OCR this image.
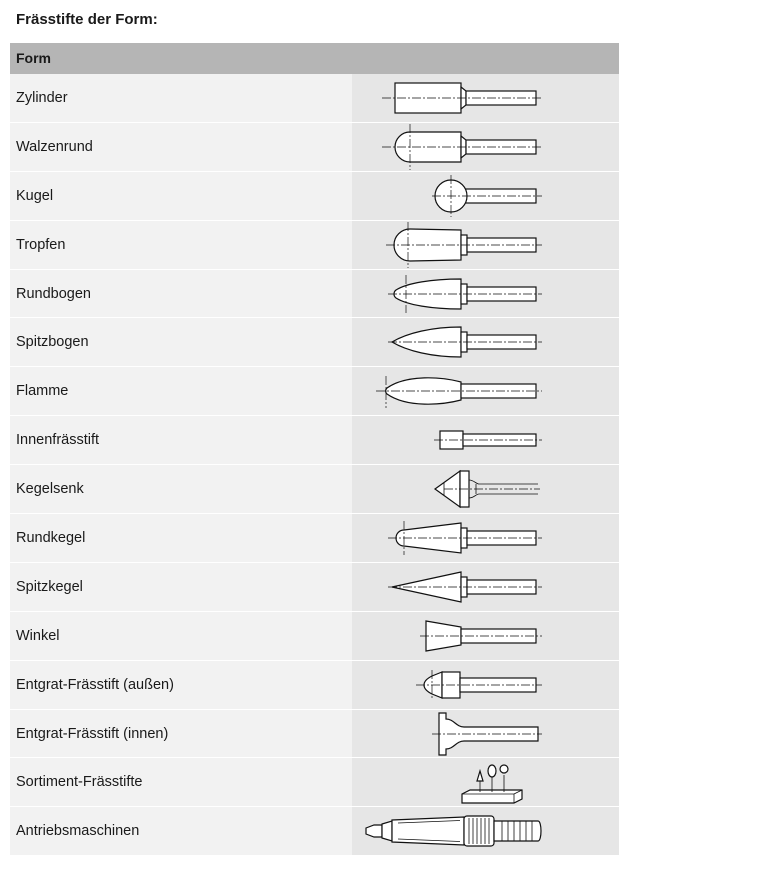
Frässtifte der Form:
Form
Zylinder
Walzenrund
Kugel
Tropfen
Rundbogen
Spitzbogen
Flamme
Innenfrässtift
Kegelsenk
Rundkegel
Spitzkegel
Winkel
Entgrat-Frässtift (außen)
Entgrat-Frässtift (innen)
Sortiment-Frässtifte
Antriebsmaschinen
